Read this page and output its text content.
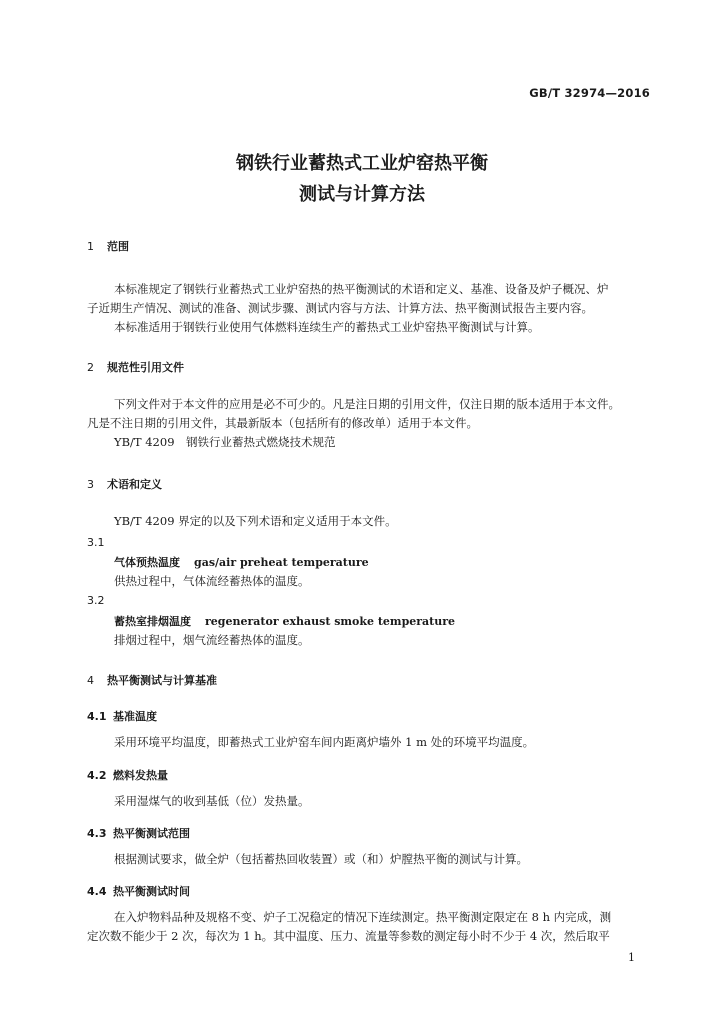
GB/T 32974—2016
钢铁行业蓄热式工业炉窑热平衡
测试与计算方法
1 范围
本标准规定了钢铁行业蓄热式工业炉窑热的热平衡测试的术语和定义、基准、设备及炉子概况、炉
子近期生产情况、测试的准备、测试步骤、测试内容与方法、计算方法、热平衡测试报告主要内容。
本标准适用于钢铁行业使用气体燃料连续生产的蓄热式工业炉窑热平衡测试与计算。
2 规范性引用文件
下列文件对于本文件的应用是必不可少的。凡是注日期的引用文件，仅注日期的版本适用于本文件。
凡是不注日期的引用文件，其最新版本（包括所有的修改单）适用于本文件。
YB/T 4209　钢铁行业蓄热式燃烧技术规范
3 术语和定义
YB/T 4209 界定的以及下列术语和定义适用于本文件。
3.1
气体预热温度 gas/air preheat temperature
供热过程中，气体流经蓄热体的温度。
3.2
蓄热室排烟温度 regenerator exhaust smoke temperature
排烟过程中，烟气流经蓄热体的温度。
4 热平衡测试与计算基准
4.1 基准温度
采用环境平均温度，即蓄热式工业炉窑车间内距离炉墙外 1 m 处的环境平均温度。
4.2 燃料发热量
采用湿煤气的收到基低（位）发热量。
4.3 热平衡测试范围
根据测试要求，做全炉（包括蓄热回收装置）或（和）炉膛热平衡的测试与计算。
4.4 热平衡测试时间
在入炉物料品种及规格不变、炉子工况稳定的情况下连续测定。热平衡测定限定在 8 h 内完成，测
定次数不能少于 2 次，每次为 1 h。其中温度、压力、流量等参数的测定每小时不少于 4 次，然后取平
1
